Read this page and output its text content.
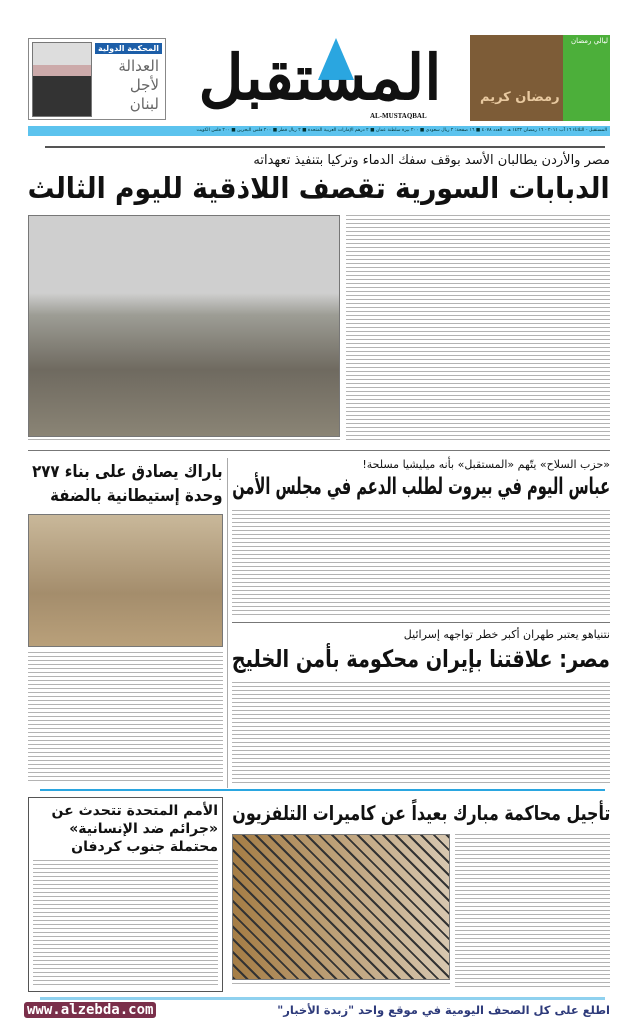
المحكمة الدولية
العدالة
لأجل
لبنان المستقبل
AL-MUSTAQBAL
ليالي رمضان
رمضان كريم
المستقبل - الثلاثاء ١٦ آب ٢٠١١ - ١٦ رمضان ١٤٣٢ هـ - العدد ٤٠٧٨ ■ ١٦ صفحة: ٢ ريال سعودي ■ ٢٠٠ بيزة سلطنة عمان ■ ٢ درهم الإمارات العربية المتحدة ■ ٢ ريال قطر ■ ٢٠٠ فلس البحرين ■ ٢٠٠ فلس الكويت
مصر والأردن يطالبان الأسد بوقف سفك الدماء وتركيا بتنفيذ تعهداته
الدبابات السورية تقصف اللاذقية لليوم الثالث
«حزب السلاح» يتّهم «المستقبل» بأنه ميليشيا مسلحة!
عباس اليوم في بيروت لطلب الدعم في مجلس الأمن
باراك يصادق على بناء ٢٧٧ وحدة إستيطانية بالضفة
نتنياهو يعتبر طهران أكبر خطر تواجهه إسرائيل
مصر: علاقتنا بإيران محكومة بأمن الخليج
الأمم المتحدة تتحدث عن «جرائم ضد الإنسانية» محتملة جنوب كردفان
تأجيل محاكمة مبارك بعيداً عن كاميرات التلفزيون
اطلع على كل الصحف اليومية في موقع واحد "زبدة الأخبار"
www.alzebda.com
